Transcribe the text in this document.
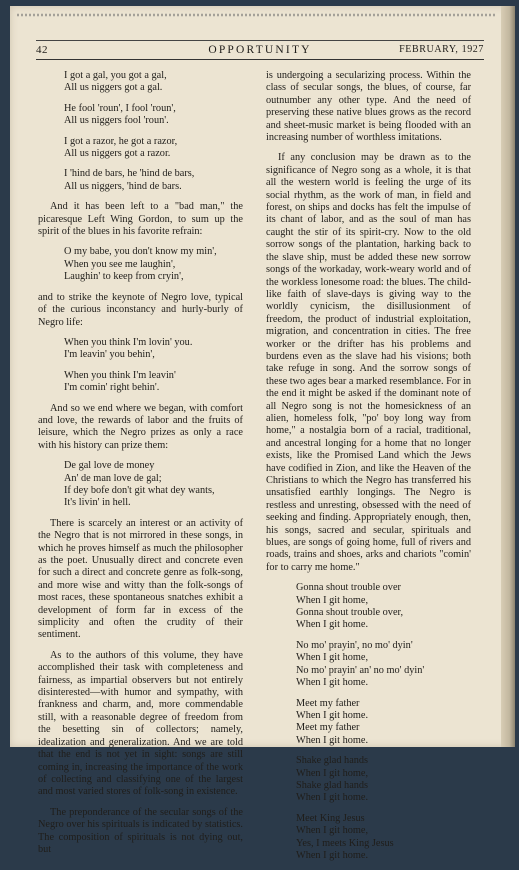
42	OPPORTUNITY	FEBRUARY, 1927
I got a gal, you got a gal,
All us niggers got a gal.
He fool 'roun', I fool 'roun',
All us niggers fool 'roun'.
I got a razor, he got a razor,
All us niggers got a razor.
I 'hind de bars, he 'hind de bars,
All us niggers, 'hind de bars.

And it has been left to a "bad man," the picaresque Left Wing Gordon, to sum up the spirit of the blues in his favorite refrain:

O my babe, you don't know my min',
When you see me laughin',
Laughin' to keep from cryin',

and to strike the keynote of Negro love, typical of the curious inconstancy and hurly-burly of Negro life:

When you think I'm lovin' you.
I'm leavin' you behin',
When you think I'm leavin'
I'm comin' right behin'.

And so we end where we began, with comfort and love, the rewards of labor and the fruits of leisure, which the Negro prizes as only a race with his history can prize them:

De gal love de money
An' de man love de gal;
If dey bofe don't git what dey wants,
It's livin' in hell.

There is scarcely an interest or an activity of the Negro that is not mirrored in these songs, in which he proves himself as much the philosopher as the poet. Unusually direct and concrete even for such a direct and concrete genre as folk-song, and more wise and witty than the folk-songs of most races, these spontaneous snatches exhibit a development of form far in excess of the simplicity and often the crudity of their sentiment.

As to the authors of this volume, they have accomplished their task with completeness and fairness, as impartial observers but not entirely disinterested—with humor and sympathy, with frankness and charm, and, more commendable still, with a reasonable degree of freedom from the besetting sin of collectors; namely, idealization and generalization. And we are told that the end is not yet in sight: songs are still coming in, increasing the importance of the work of collecting and classifying one of the largest and most varied stores of folk-song in existence.

The preponderance of the secular songs of the Negro over his spirituals is indicated by statistics. The composition of spirituals is not dying out, but

is undergoing a secularizing process. Within the class of secular songs, the blues, of course, far outnumber any other type. And the need of preserving these native blues grows as the record and sheet-music market is being flooded with an increasing number of worthless imitations.

If any conclusion may be drawn as to the significance of Negro song as a whole, it is that all the western world is feeling the urge of its social rhythm, as the work of man, in field and forest, on ships and docks has felt the impulse of its chant of labor, and as the soul of man has caught the stir of its spirit-cry. Now to the old sorrow songs of the plantation, harking back to the slave ship, must be added these new sorrow songs of the workaday, work-weary world and of the workless lonesome road: the blues. The child-like faith of slave-days is giving way to the worldly cynicism, the disillusionment of freedom, the product of industrial exploitation, migration, and concentration in cities. The free worker or the drifter has his problems and burdens even as the slave had his visions; both take refuge in song. And the sorrow songs of these two ages bear a marked resemblance. For in the end it might be asked if the dominant note of all Negro song is not the homesickness of an alien, homeless folk, "po' boy long way from home," a nostalgia born of a racial, traditional, and ancestral longing for a home that no longer exists, like the Promised Land which the Jews have codified in Zion, and like the Heaven of the Christians to which the Negro has transferred his unsatisfied earthly longings. The Negro is restless and unresting, obsessed with the need of seeking and finding. Appropriately enough, then, his songs, sacred and secular, spirituals and blues, are songs of going home, full of rivers and roads, trains and shoes, arks and chariots "comin' for to carry me home."

Gonna shout trouble over
When I git home,
Gonna shout trouble over,
When I git home.
No mo' prayin', no mo' dyin'
When I git home,
No mo' prayin' an' no mo' dyin'
When I git home.
Meet my father
When I git home.
Meet my father
When I git home.
Shake glad hands
When I git home,
Shake glad hands
When I git home.
Meet King Jesus
When I git home,
Yes, I meets King Jesus
When I git home.
